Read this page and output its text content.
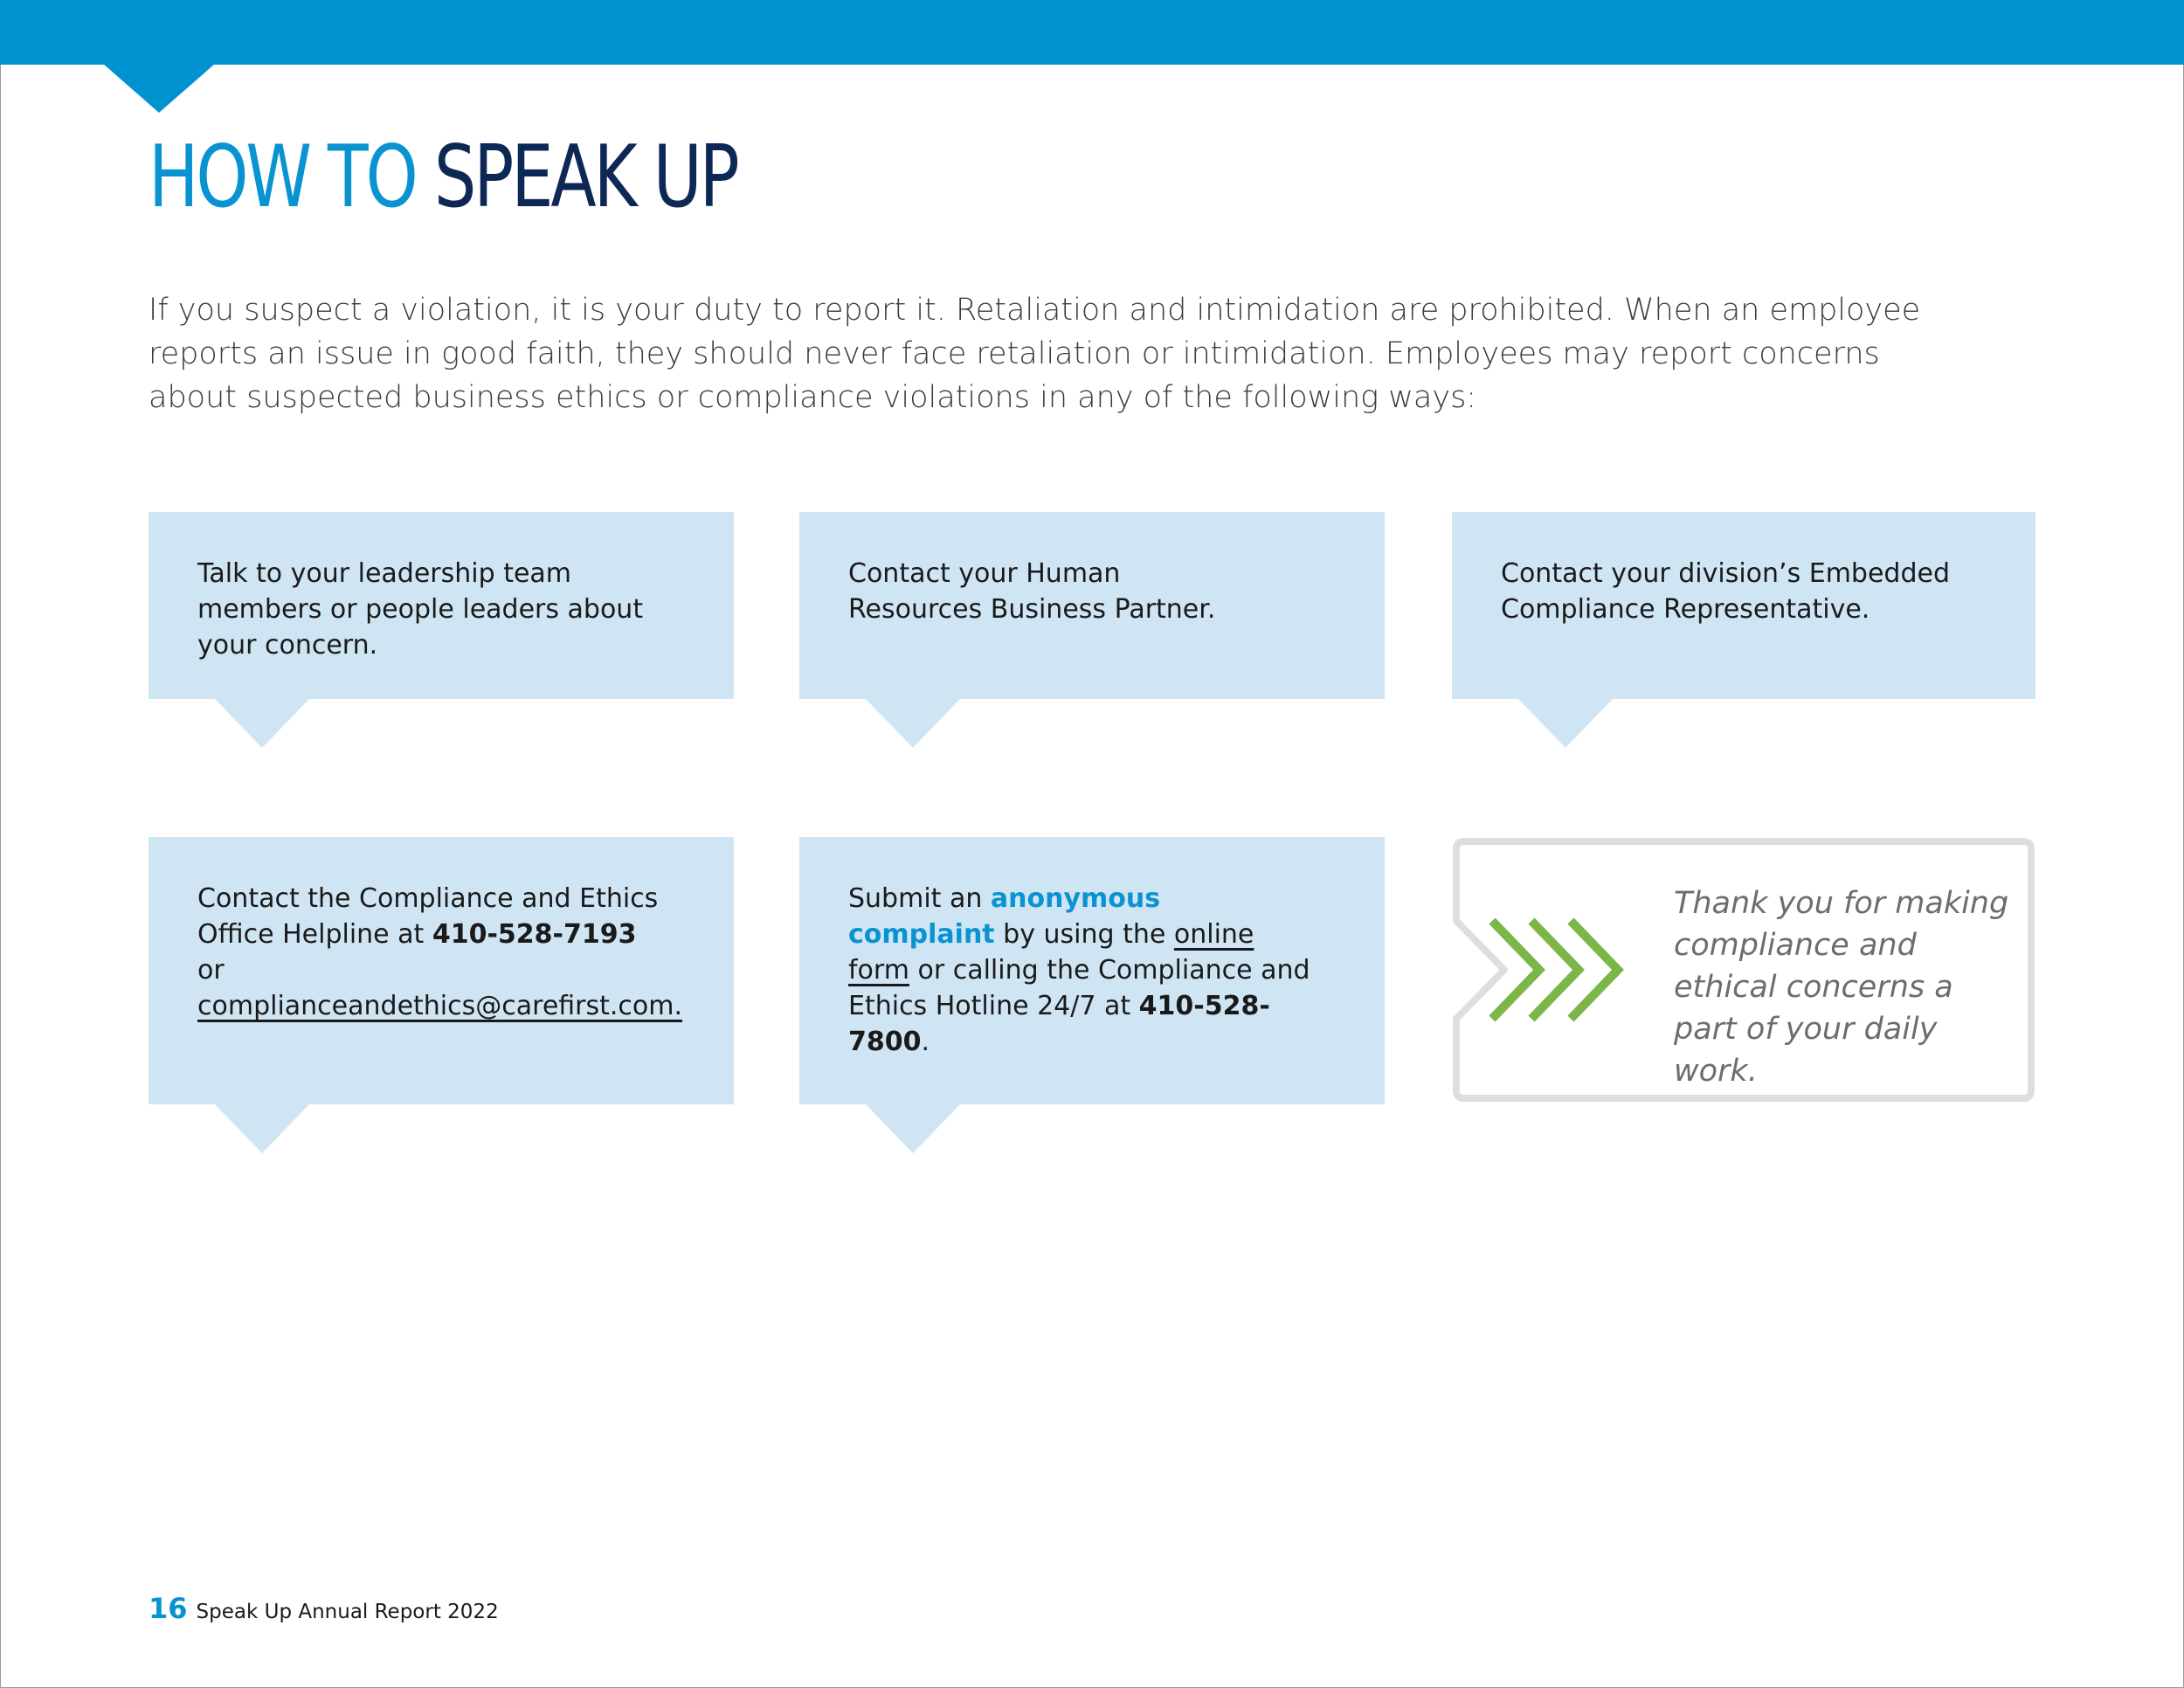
HOW TO SPEAK UP

If you suspect a violation, it is your duty to report it. Retaliation and intimidation are prohibited. When an employee reports an issue in good faith, they should never face retaliation or intimidation. Employees may report concerns about suspected business ethics or compliance violations in any of the following ways:

Talk to your leadership team members or people leaders about your concern.

Contact your Human Resources Business Partner.

Contact your division’s Embedded Compliance Representative.

Contact the Compliance and Ethics Office Helpline at 410-528-7193 or complianceandethics@carefirst.com.

Submit an anonymous complaint by using the online form or calling the Compliance and Ethics Hotline 24/7 at 410-528-7800.

Thank you for making compliance and ethical concerns a part of your daily work.

16 Speak Up Annual Report 2022
